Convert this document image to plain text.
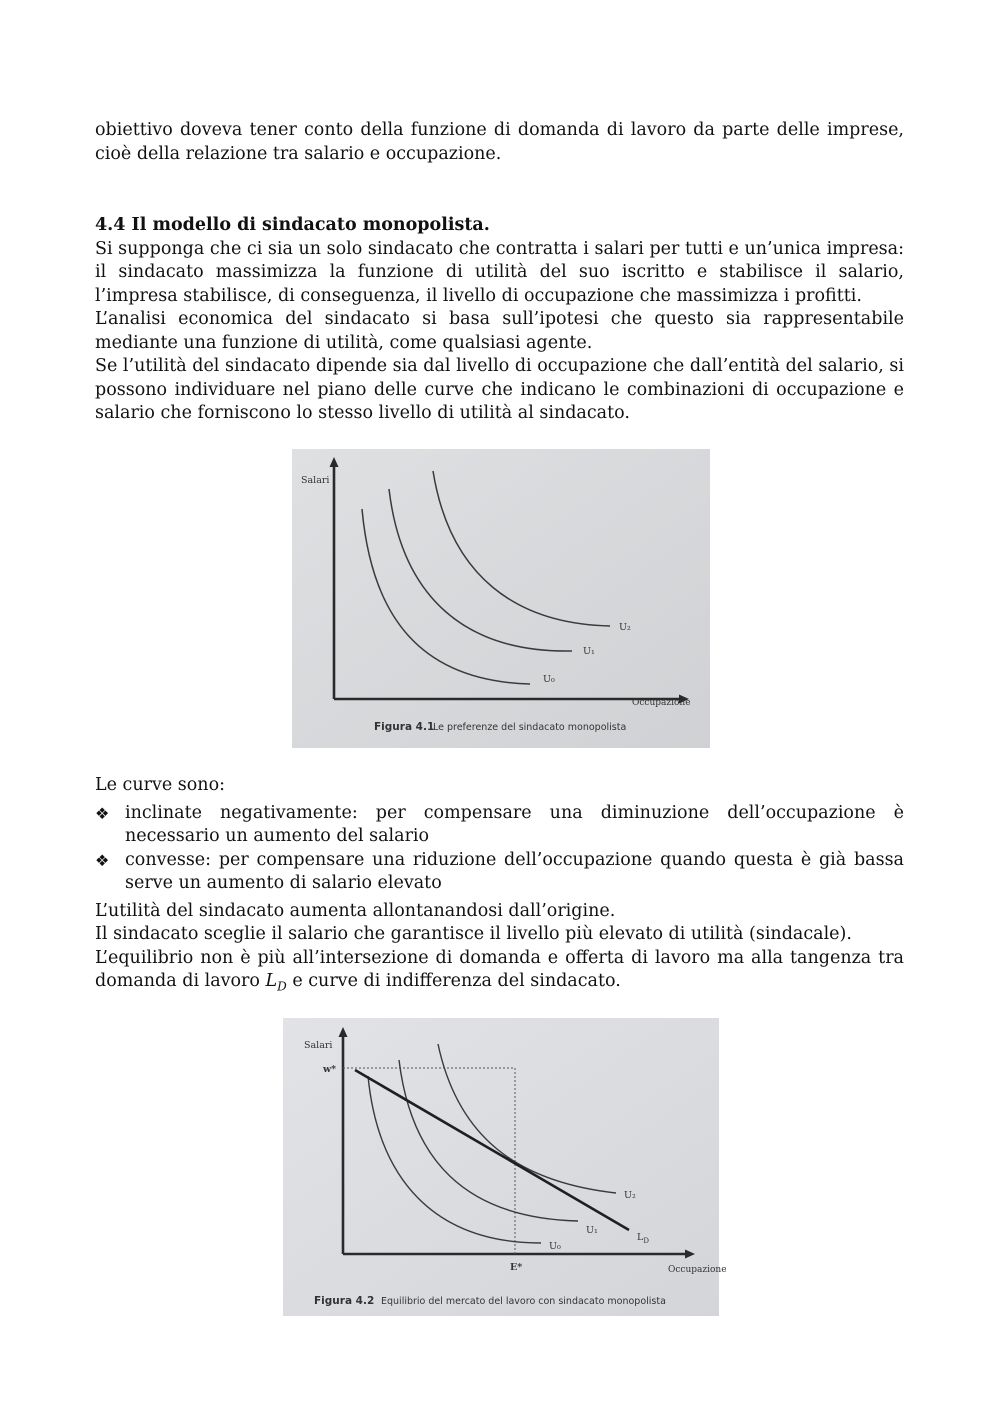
obiettivo doveva tener conto della funzione di domanda di lavoro da parte delle imprese, cioè della relazione tra salario e occupazione.

4.4 Il modello di sindacato monopolista.

Si supponga che ci sia un solo sindacato che contratta i salari per tutti e un’unica impresa: il sindacato massimizza la funzione di utilità del suo iscritto e stabilisce il salario, l’impresa stabilisce, di conseguenza, il livello di occupazione che massimizza i profitti.

L’analisi economica del sindacato si basa sull’ipotesi che questo sia rappresentabile mediante una funzione di utilità, come qualsiasi agente.

Se l’utilità del sindacato dipende sia dal livello di occupazione che dall’entità del salario, si possono individuare nel piano delle curve che indicano le combinazioni di occupazione e salario che forniscono lo stesso livello di utilità al sindacato.

Salari
Occupazione
U₀
U₁
U₂
Figura 4.1
Le preferenze del sindacato monopolista

Le curve sono:

❖ inclinate negativamente: per compensare una diminuzione dell’occupazione è necessario un aumento del salario
❖ convesse: per compensare una riduzione dell’occupazione quando questa è già bassa serve un aumento di salario elevato

L’utilità del sindacato aumenta allontanandosi dall’origine.

Il sindacato sceglie il salario che garantisce il livello più elevato di utilità (sindacale).

L’equilibrio non è più all’intersezione di domanda e offerta di lavoro ma alla tangenza tra domanda di lavoro $L_D$ e curve di indifferenza del sindacato.

Salari
Occupazione
w*
E*
U₀
U₁
U₂
$L_D$
Figura 4.2 Equilibrio del mercato del lavoro con sindacato monopolista
